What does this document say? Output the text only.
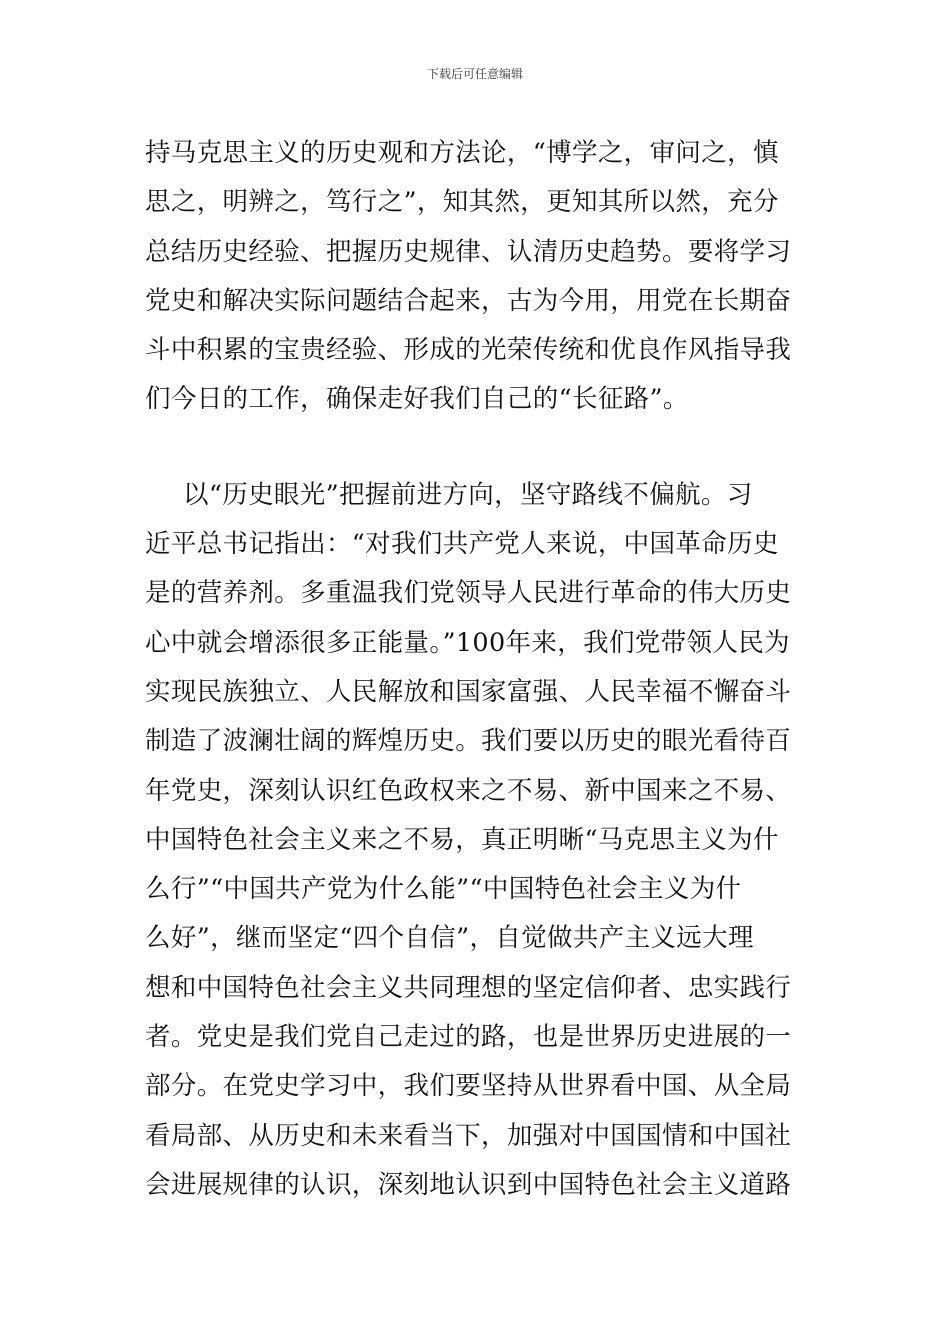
下载后可任意编辑
持马克思主义的历史观和方法论，“博学之，审问之，慎
思之，明辨之，笃行之”，知其然，更知其所以然，充分
总结历史经验、把握历史规律、认清历史趋势。要将学习
党史和解决实际问题结合起来，古为今用，用党在长期奋
斗中积累的宝贵经验、形成的光荣传统和优良作风指导我
们今日的工作，确保走好我们自己的“长征路”。
以“历史眼光”把握前进方向，坚守路线不偏航。习
近平总书记指出：“对我们共产党人来说，中国革命历史
是的营养剂。多重温我们党领导人民进行革命的伟大历史
心中就会增添很多正能量。”100年来，我们党带领人民为
实现民族独立、人民解放和国家富强、人民幸福不懈奋斗
制造了波澜壮阔的辉煌历史。我们要以历史的眼光看待百
年党史，深刻认识红色政权来之不易、新中国来之不易、
中国特色社会主义来之不易，真正明晰“马克思主义为什
么行”“中国共产党为什么能”“中国特色社会主义为什
么好”，继而坚定“四个自信”，自觉做共产主义远大理
想和中国特色社会主义共同理想的坚定信仰者、忠实践行
者。党史是我们党自己走过的路，也是世界历史进展的一
部分。在党史学习中，我们要坚持从世界看中国、从全局
看局部、从历史和未来看当下，加强对中国国情和中国社
会进展规律的认识，深刻地认识到中国特色社会主义道路
